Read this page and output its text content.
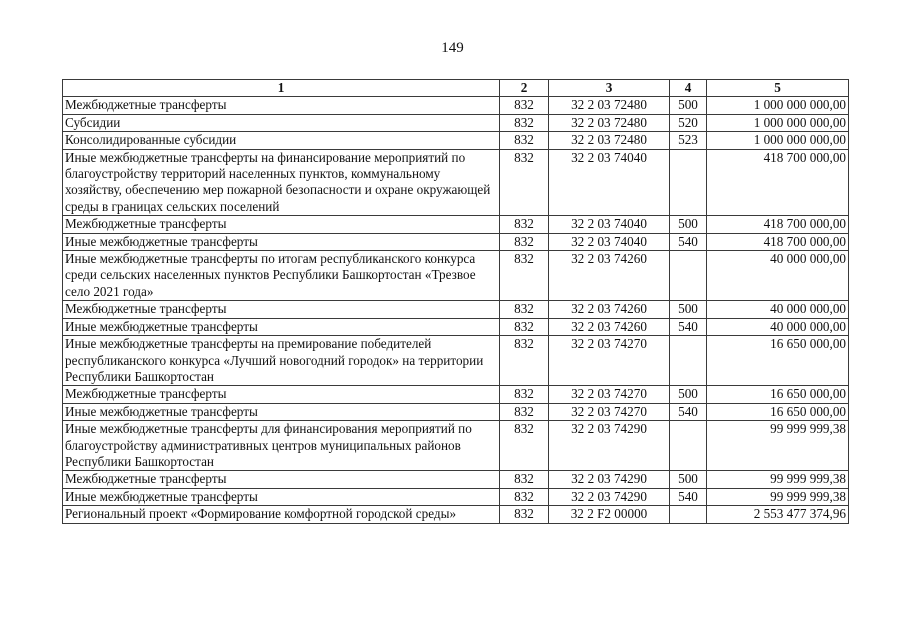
149
1	2	3	4	5
Межбюджетные трансферты	832	32 2 03 72480	500	1 000 000 000,00
Субсидии	832	32 2 03 72480	520	1 000 000 000,00
Консолидированные субсидии	832	32 2 03 72480	523	1 000 000 000,00
Иные межбюджетные трансферты на финансирование мероприятий по благоустройству территорий населенных пунктов, коммунальному хозяйству, обеспечению мер пожарной безопасности и охране окружающей среды в границах сельских поселений	832	32 2 03 74040		418 700 000,00
Межбюджетные трансферты	832	32 2 03 74040	500	418 700 000,00
Иные межбюджетные трансферты	832	32 2 03 74040	540	418 700 000,00
Иные межбюджетные трансферты по итогам республиканского конкурса среди сельских населенных пунктов Республики Башкортостан «Трезвое село 2021 года»	832	32 2 03 74260		40 000 000,00
Межбюджетные трансферты	832	32 2 03 74260	500	40 000 000,00
Иные межбюджетные трансферты	832	32 2 03 74260	540	40 000 000,00
Иные межбюджетные трансферты на премирование победителей республиканского конкурса «Лучший новогодний городок» на территории Республики Башкортостан	832	32 2 03 74270		16 650 000,00
Межбюджетные трансферты	832	32 2 03 74270	500	16 650 000,00
Иные межбюджетные трансферты	832	32 2 03 74270	540	16 650 000,00
Иные межбюджетные трансферты для финансирования мероприятий по благоустройству административных центров муниципальных районов Республики Башкортостан	832	32 2 03 74290		99 999 999,38
Межбюджетные трансферты	832	32 2 03 74290	500	99 999 999,38
Иные межбюджетные трансферты	832	32 2 03 74290	540	99 999 999,38
Региональный проект «Формирование комфортной городской среды»	832	32 2 F2 00000		2 553 477 374,96
